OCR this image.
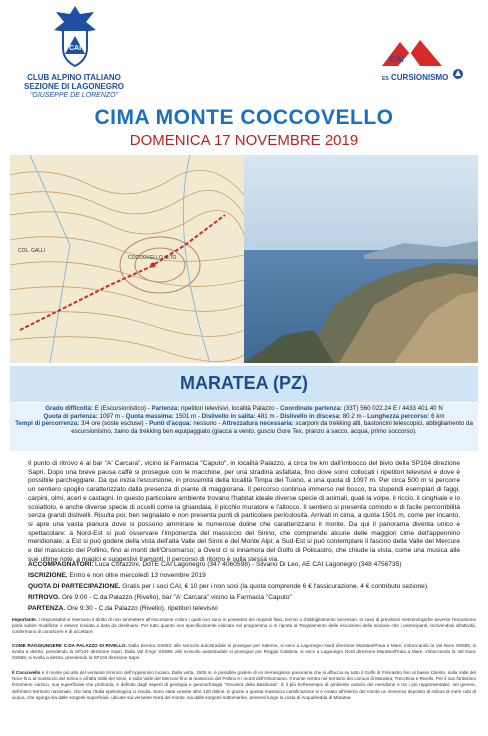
CAI
CLUB ALPINO ITALIANO
SEZIONE DI LAGONEGRO
"GIUSEPPE DE LORENZO"
CAI
ES CURSIONISMO
CIMA MONTE COCCOVELLO
DOMENICA 17 NOVEMBRE 2019
COCCOVELLO ALTO
COL. GALLI
MARATEA (PZ)
Grado difficoltà: E (Escursionistico) - Partenza: ripetitori televisivi, località Palazzo - Coordinate partenza: (33T) 560 022.24 E / 4433 401.40 N
Quota di partenza: 1097 m - Quota massima: 1501 m - Dislivello in salita: 481 m - Dislivello in discesa: 80.2 m - Lunghezza percorso: 6 km
Tempi di percorrenza: 3/4 ore (soste escluse) - Punti d'acqua: nessuno - Attrezzatura necessaria: scarponi da trekking alti, bastoncini telescopici, abbigliamento da escursionismo, zaino da trekking ben equipaggiato (giacca a vento, guscio Gore Tex, pranzo a sacco, acqua, primo soccorso).
Il punto di ritrovo è al bar "A' Carcara", vicino la Farmacia "Caputo", in località Palazzo, a circa tre km dall'imbocco del bivio della SP104 direzione Sapri. Dopo una breve pausa caffè si prosegue con le macchine, per una stradina asfaltata, fino dove sono collocati i ripetitori televisivi e dove è possibile parcheggiare. Da qui inizia l'escursione, in prossimità della località Timpa del Tuono, a una quota di 1097 m. Per circa 500 m si percorre un sentiero spoglio caratterizzato dalla presenza di piante di maggiorana. Il percorso continua immerso nel bosco, tra stupendi esemplari di faggi, carpini, olmi, aceri e castagni. In questo particolare ambiente trovano l'habitat ideale diverse specie di animali, quali la volpe, il riccio, il cinghiale e lo scoiattolo, e anche diverse specie di uccelli come la ghiandaia, il picchio muratore e l'allocco. Il sentiero si presenta comodo e di facile percorribilità senza grandi dislivelli. Risulta poi, ben segnalato e non presenta punti di particolare pericolosità. Arrivati in cima, a quota 1501 m, come per incanto, si apre una vasta pianura dove si possono ammirare le numerose doline che caratterizzano il monte. Da qui il panorama diventa unico e spettacolare: a Nord-Est si può osservare l'imponenza del massiccio del Sirino, che comprende alcune delle maggiori cime dell'appennino meridionale; a Est si può godere della vista dell'alta Valle del Sinni e del Monte Alpi; a Sud-Est si può contemplare il fascino della Valle del Mercure e del massiccio del Pollino, fino ai monti dell'Orsomarso; a Ovest ci si innamora del Golfo di Policastro, che chiude la vista, come una musica alle sue ultime note, a magici e suggestivi tramonti. Il percorso di ritorno è sulla stessa via.
ACCOMPAGNATORI. Luca Corazzini, DdTE CAI Lagonegro (347 4060598) - Silvano Di Leo, AE CAI Lagonegro (348 4756735)
ISCRIZIONE. Entro e non oltre mercoledì 13 novembre 2019
QUOTA DI PARTECIPAZIONE. Gratis per i soci CAI, € 10 per i non soci (la quota comprende 6 € l'assicurazione, 4 € contributo sezione).
RITROVO. Ore 9:00 - C.da Palazzo (Rivello), bar "A' Carcara" vicino la Farmacia "Caputo"
PARTENZA. Ore 9:30 - C.da Palazzo (Rivello), ripetitori televisivi
Importante. I responsabili si riservano il diritto di non ammettere all'escursione coloro i quali non sono in possesso dei requisiti fisici, tecnici o d'abbigliamento necessari. In caso di previsioni meteorologiche avverse l'escursione potrà subire modifiche o essere rinviata a data da destinarsi. Per tutto quanto non specificamente indicato nel programma ci si riporta al Regolamento delle escursioni della sezione che i partecipanti, iscrivendosi all'attività, confermano di conoscere e di accettare.
COME RAGGIUNGERE C.DA PALAZZO DI RIVELLO. Dalla Sinnica SS653: allo svincolo autostradale si prosegue per Salerno, si esce a Lagonegro Nord direzione Maratea/Praia a Mare, imboccando la Val Noce SS585; si svolta a destra, prendendo la SP104 direzione Sapri. Dalla Val d'Agri SS598: allo svincolo autostradale si prosegue per Reggio Calabria, si esce a Lagonegro Nord direzione Maratea/Praia a Mare, imboccando la Val Noce SS585; si svolta a destra, prendendo la SP104 direzione Sapri.
Il Coccovello è il monte più alto del versante tirrenico dell'Appennino lucano. Dalla vetta, 1505 m, è possibile godere di un meraviglioso panorama che si affaccia su tutto il Golfo di Policastro fino al basso Cilento, sulla Valle del Noce fino al massiccio del Sirino e all'alta Valle del Sinni, e sulla Valle del Mercure fino al massiccio del Pollino e i monti dell'Orsomarso. Il monte rientra nel territorio dei comuni di Maratea, Trecchina e Rivello. Per il suo fortissimo fenomeno carsico, sua superficiale che profonda, è definito dagli esperti di geologia e geomorfologia "Gruviera della Basilicata". È il più bell'esempio di ambiente carsico del meridione e tra i più rappresentativi, nel genere, dell'intero territorio nazionale, che tutta l'Italia speleologica ci invidia. Sono state censite oltre 120 doline. E grazie a questa massiccia carsificazione si è creato all'interno del monte un immenso deposito di milioni di metri cubi di acqua, che sgorga sia dalle sorgenti superficiali, ubicate sui versante Nord del monte, sia dalle sorgenti sottomarine, presenti lungo la costa di Acquafredda di Maratea.
